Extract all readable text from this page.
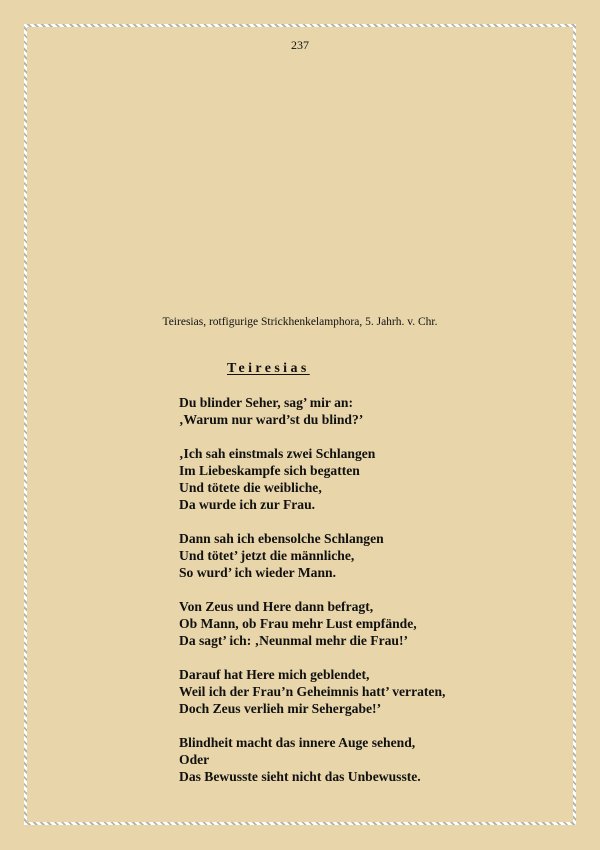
237
Teiresias, rotfigurige Strickhenkelamphora, 5. Jahrh. v. Chr.
Teiresias
Du blinder Seher, sag’ mir an:
‚Warum nur ward’st du blind?’
‚Ich sah einstmals zwei Schlangen
Im Liebeskampfe sich begatten
Und tötete die weibliche,
Da wurde ich zur Frau.
Dann sah ich ebensolche Schlangen
Und tötet’ jetzt die männliche,
So wurd’ ich wieder Mann.
Von Zeus und Here dann befragt,
Ob Mann, ob Frau mehr Lust empfände,
Da sagt’ ich: ‚Neunmal mehr die Frau!’
Darauf hat Here mich geblendet,
Weil ich der Frau’n Geheimnis hatt’ verraten,
Doch Zeus verlieh mir Sehergabe!’
Blindheit macht das innere Auge sehend,
Oder
Das Bewusste sieht nicht das Unbewusste.
